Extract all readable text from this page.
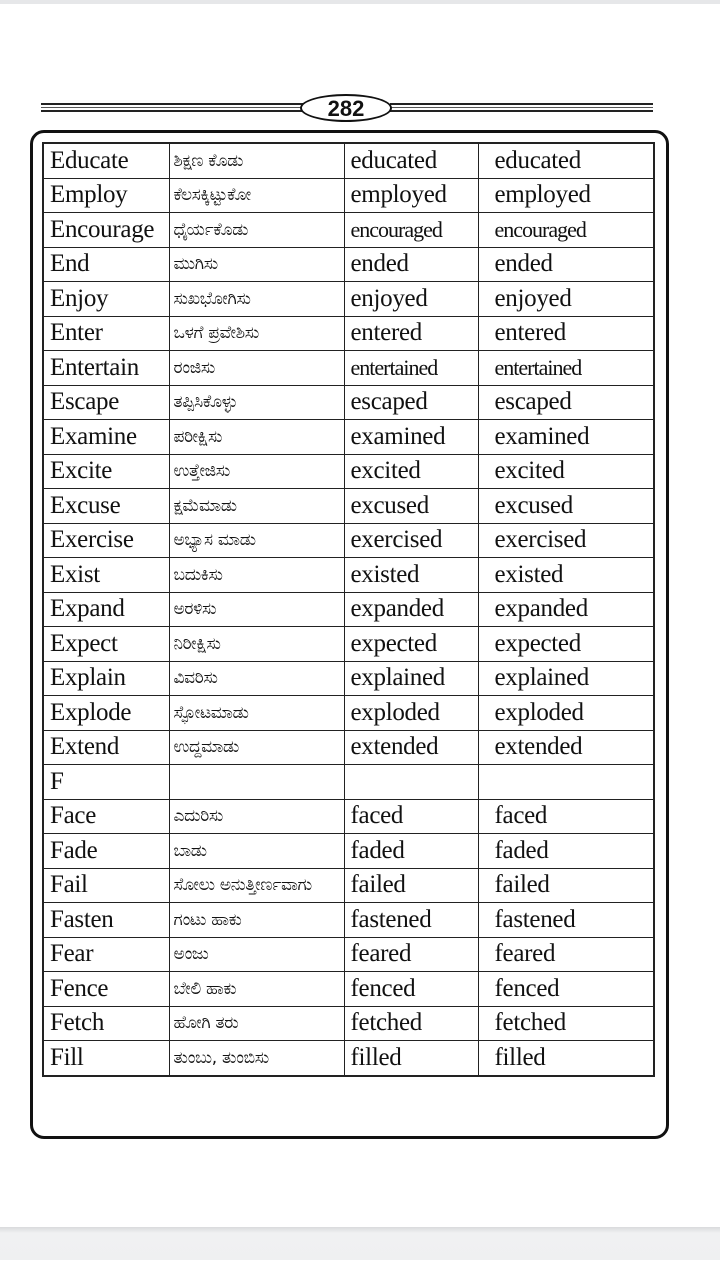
282
Educate	ಶಿಕ್ಷಣ ಕೊಡು	educated	educated
Employ	ಕೆಲಸಕ್ಕಿಟ್ಟುಕೋ	employed	employed
Encourage	ಧೈರ್ಯಕೊಡು	encouraged	encouraged
End	ಮುಗಿಸು	ended	ended
Enjoy	ಸುಖಭೋಗಿಸು	enjoyed	enjoyed
Enter	ಒಳಗೆ ಪ್ರವೇಶಿಸು	entered	entered
Entertain	ರಂಜಿಸು	entertained	entertained
Escape	ತಪ್ಪಿಸಿಕೊಳ್ಳು	escaped	escaped
Examine	ಪರೀಕ್ಷಿಸು	examined	examined
Excite	ಉತ್ತೇಜಿಸು	excited	excited
Excuse	ಕ್ಷಮೆಮಾಡು	excused	excused
Exercise	ಅಭ್ಯಾಸ ಮಾಡು	exercised	exercised
Exist	ಬದುಕಿಸು	existed	existed
Expand	ಅರಳಿಸು	expanded	expanded
Expect	ನಿರೀಕ್ಷಿಸು	expected	expected
Explain	ವಿವರಿಸು	explained	explained
Explode	ಸ್ಫೋಟಮಾಡು	exploded	exploded
Extend	ಉದ್ದಮಾಡು	extended	extended
F			
Face	ಎದುರಿಸು	faced	faced
Fade	ಬಾಡು	faded	faded
Fail	ಸೋಲು ಅನುತ್ತೀರ್ಣವಾಗು	failed	failed
Fasten	ಗಂಟು ಹಾಕು	fastened	fastened
Fear	ಅಂಜು	feared	feared
Fence	ಬೇಲಿ ಹಾಕು	fenced	fenced
Fetch	ಹೋಗಿ ತರು	fetched	fetched
Fill	ತುಂಬು, ತುಂಬಿಸು	filled	filled
